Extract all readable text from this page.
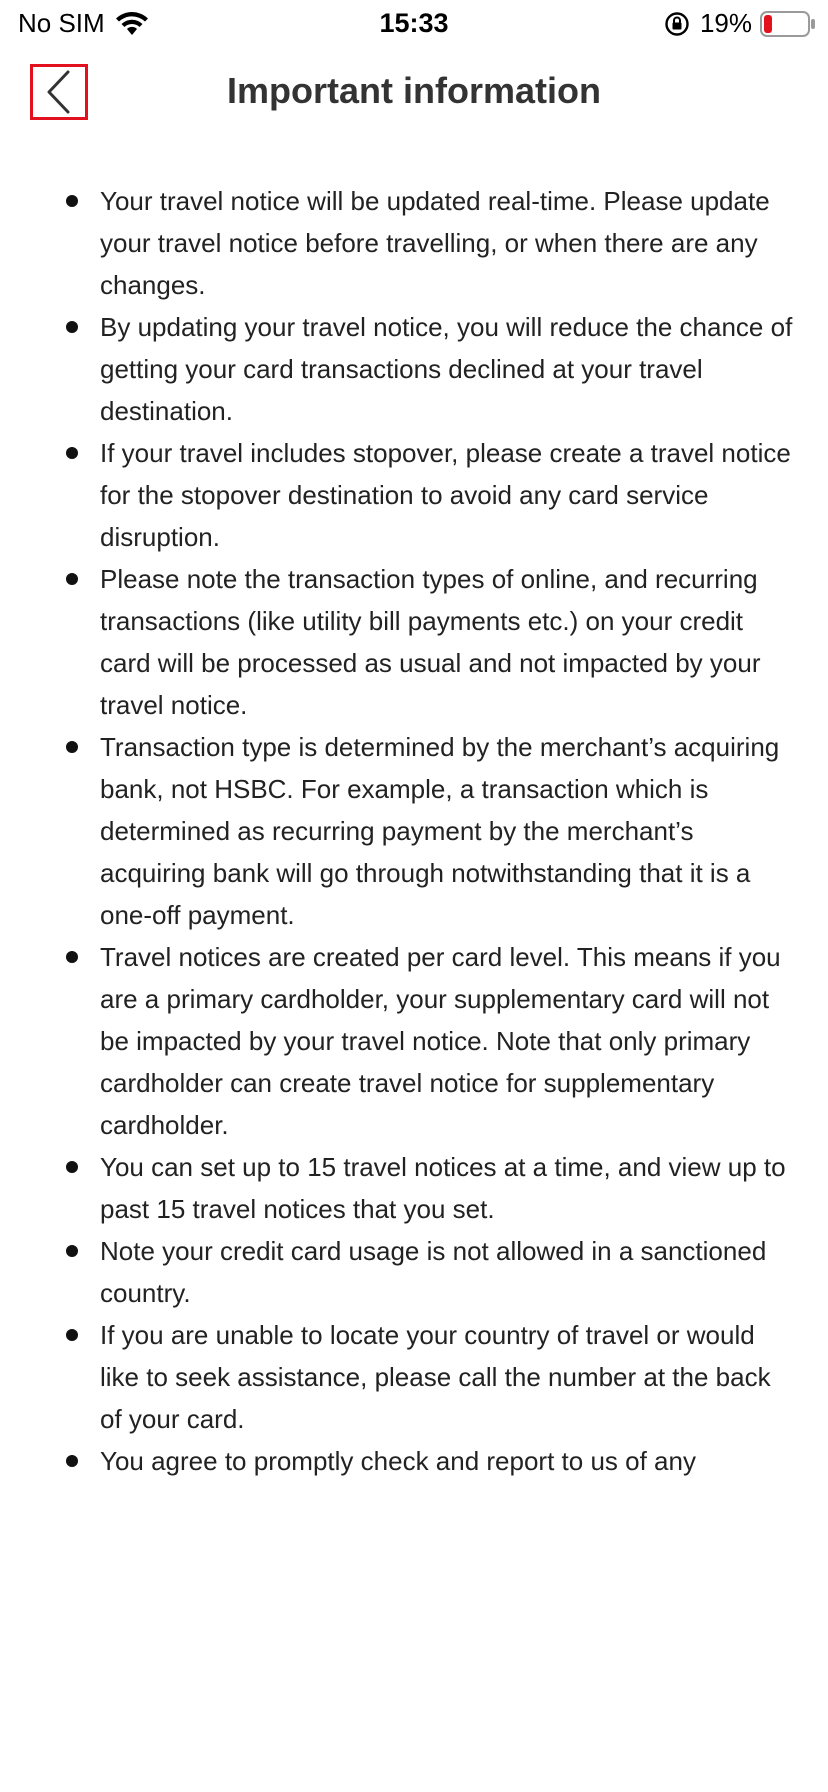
No SIM	15:33	19%
Important information
Your travel notice will be updated real-time. Please update your travel notice before travelling, or when there are any changes.
By updating your travel notice, you will reduce the chance of getting your card transactions declined at your travel destination.
If your travel includes stopover, please create a travel notice for the stopover destination to avoid any card service disruption.
Please note the transaction types of online, and recurring transactions (like utility bill payments etc.) on your credit card will be processed as usual and not impacted by your travel notice.
Transaction type is determined by the merchant’s acquiring bank, not HSBC. For example, a transaction which is determined as recurring payment by the merchant’s acquiring bank will go through notwithstanding that it is a one-off payment.
Travel notices are created per card level. This means if you are a primary cardholder, your supplementary card will not be impacted by your travel notice. Note that only primary cardholder can create travel notice for supplementary cardholder.
You can set up to 15 travel notices at a time, and view up to past 15 travel notices that you set.
Note your credit card usage is not allowed in a sanctioned country.
If you are unable to locate your country of travel or would like to seek assistance, please call the number at the back of your card.
You agree to promptly check and report to us of any
